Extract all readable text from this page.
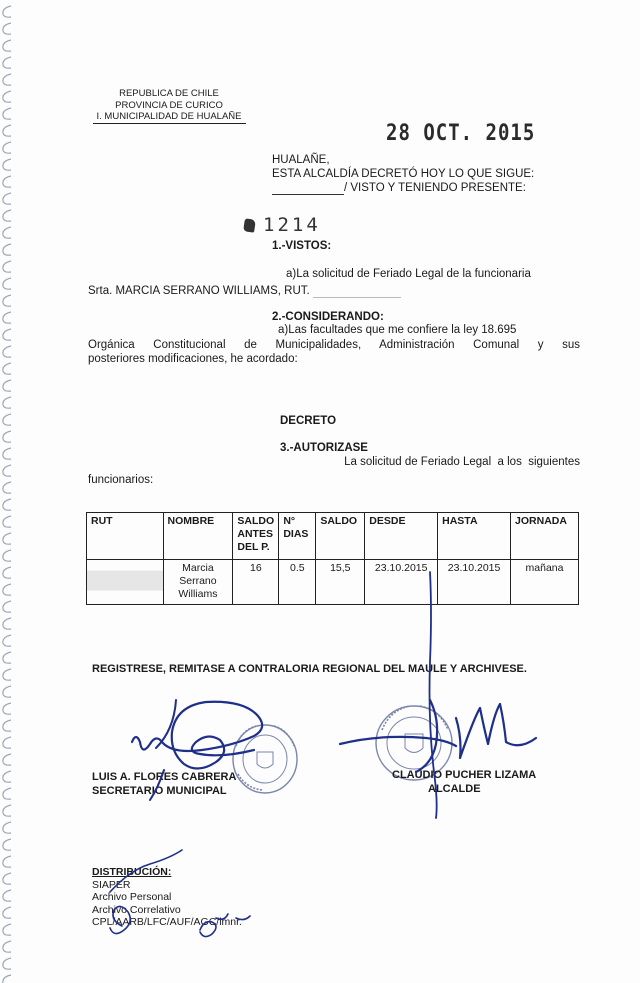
REPUBLICA DE CHILE
PROVINCIA DE CURICO
I. MUNICIPALIDAD DE HUALAÑE
28 OCT. 2015
HUALAÑE,
ESTA ALCALDÍA DECRETÓ HOY LO QUE SIGUE:
/ VISTO Y TENIENDO PRESENTE:
1214
1.-VISTOS:
a)La solicitud de Feriado Legal de la funcionaria
Srta. MARCIA SERRANO WILLIAMS, RUT.
2.-CONSIDERANDO:
a)Las facultades que me confiere la ley 18.695
Orgánica Constitucional de Municipalidades, Administración Comunal y sus
posteriores modificaciones, he acordado:
DECRETO
3.-AUTORIZASE
La solicitud de Feriado Legal  a los  siguientes
funcionarios:
RUT	NOMBRE	SALDO ANTES DEL P.	N° DIAS	SALDO	DESDE	HASTA	JORNADA
	Marcia Serrano Williams	16	0.5	15,5	23.10.2015	23.10.2015	mañana
REGISTRESE, REMITASE A CONTRALORIA REGIONAL DEL MAULE Y ARCHIVESE.
LUIS A. FLORES CABRERA
SECRETARIO MUNICIPAL
CLAUDIO PUCHER LIZAMA
ALCALDE
DISTRIBUCIÓN:
SIAPER
Archivo Personal
Archivo Correlativo
CPL/AARB/LFC/AUF/AGC/lmnr.
